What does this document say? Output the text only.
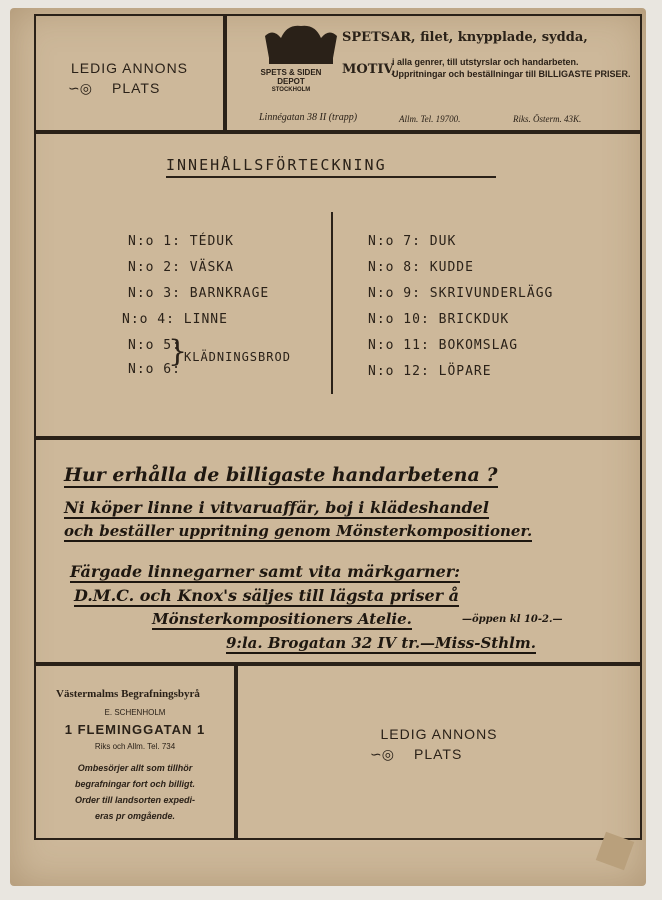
LEDIG ANNONS
∽◎ PLATS
SPETS & SIDEN
DEPOT
STOCKHOLM
SPETSAR, filet, knypplade, sydda,
MOTIV,
i alla genrer, till utstyrslar och handarbeten. Uppritningar och beställningar till BILLIGASTE PRISER.
Linnégatan 38 II (trapp)	Allm. Tel. 19700.	Riks. Österm. 43K.
INNEHÅLLSFÖRTECKNING
N:o 1: TÉDUK
N:o 2: VÄSKA
N:o 3: BARNKRAGE
N:o 4: LINNE
N:o 5:
N:o 6:
}
KLÄDNINGSBROD
N:o 7: DUK
N:o 8: KUDDE
N:o 9: SKRIVUNDERLÄGG
N:o 10: BRICKDUK
N:o 11: BOKOMSLAG
N:o 12: LÖPARE
Hur erhålla de billigaste handarbetena ?
Ni köper linne i vitvaruaffär, boj i klädeshandel
och beställer uppritning genom Mönsterkompositioner.
Färgade linnegarner samt vita märkgarner:
D.M.C. och Knox's säljes till lägsta priser å
Mönsterkompositioners Atelie.	—öppen kl 10-2.—
9:la. Brogatan 32 IV tr.—Miss-Sthlm.
Västermalms Begrafningsbyrå
E. SCHENHOLM
1 FLEMINGGATAN 1
Riks och Allm. Tel. 734
Ombesörjer allt som tillhör
begrafningar fort och billigt.
Order till landsorten expedi-
eras pr omgående.
LEDIG ANNONS
∽◎ PLATS
